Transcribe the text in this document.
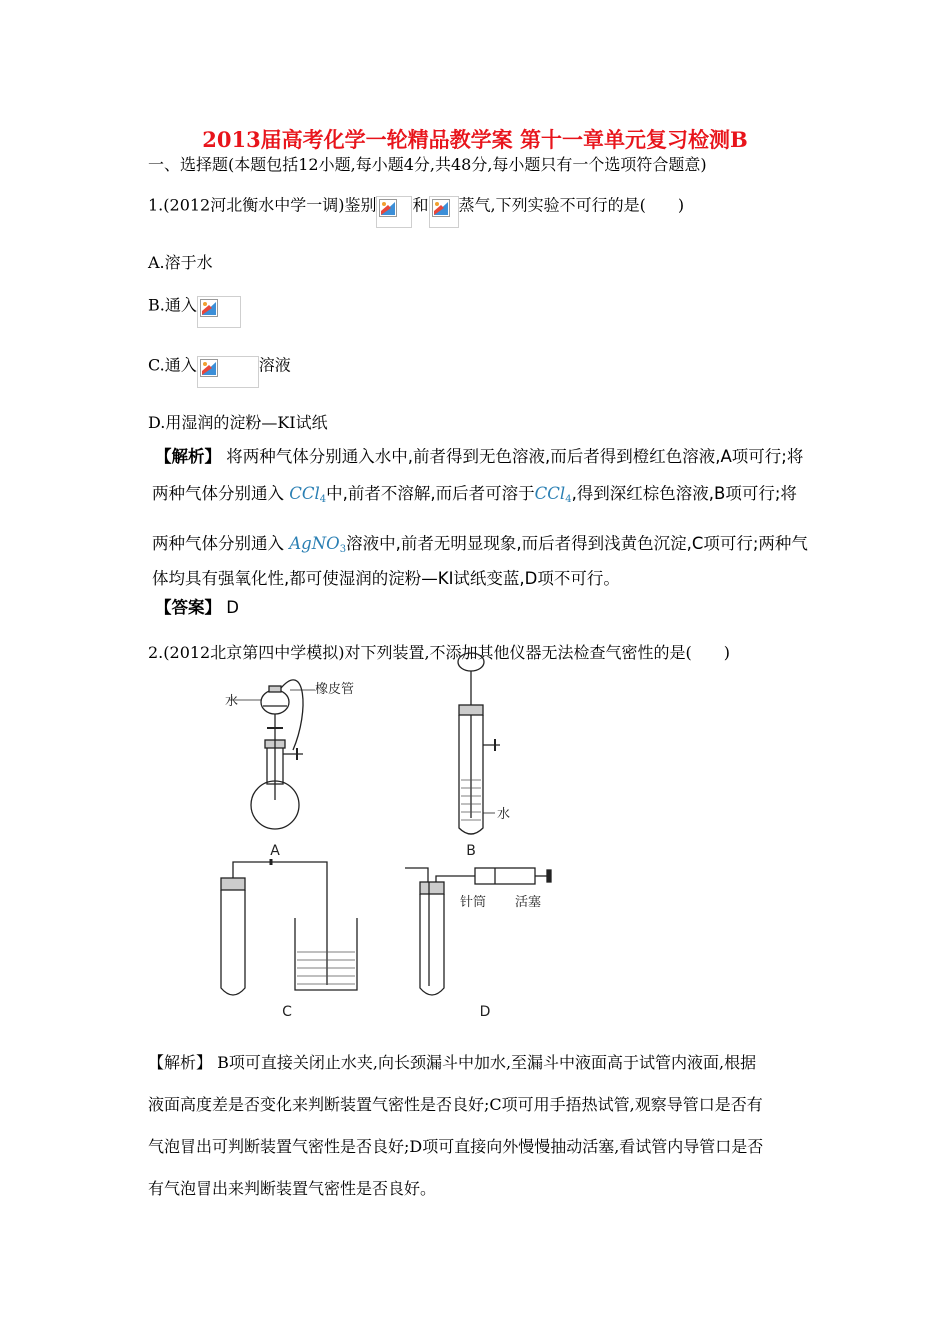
2013届高考化学一轮精品教学案 第十一章单元复习检测B
一、选择题(本题包括12小题,每小题4分,共48分,每小题只有一个选项符合题意)
1.(2012河北衡水中学一调)鉴别 和 蒸气,下列实验不可行的是(　　)
A.溶于水
B.通入
C.通入	溶液
D.用湿润的淀粉—KI试纸
【解析】 将两种气体分别通入水中,前者得到无色溶液,而后者得到橙红色溶液,A项可行;将
两种气体分别通入 CCl$_4$中,前者不溶解,而后者可溶于CCl$_4$,得到深红棕色溶液,B项可行;将
两种气体分别通入 AgNO$_3$溶液中,前者无明显现象,而后者得到浅黄色沉淀,C项可行;两种气
体均具有强氧化性,都可使湿润的淀粉—KI试纸变蓝,D项不可行。
【答案】 D
2.(2012北京第四中学模拟)对下列装置,不添加其他仪器无法检查气密性的是(　　)
水
橡皮管
A
水
B
C
针筒 活塞
D
【解析】 B项可直接关闭止水夹,向长颈漏斗中加水,至漏斗中液面高于试管内液面,根据
液面高度差是否变化来判断装置气密性是否良好;C项可用手捂热试管,观察导管口是否有
气泡冒出可判断装置气密性是否良好;D项可直接向外慢慢抽动活塞,看试管内导管口是否
有气泡冒出来判断装置气密性是否良好。
